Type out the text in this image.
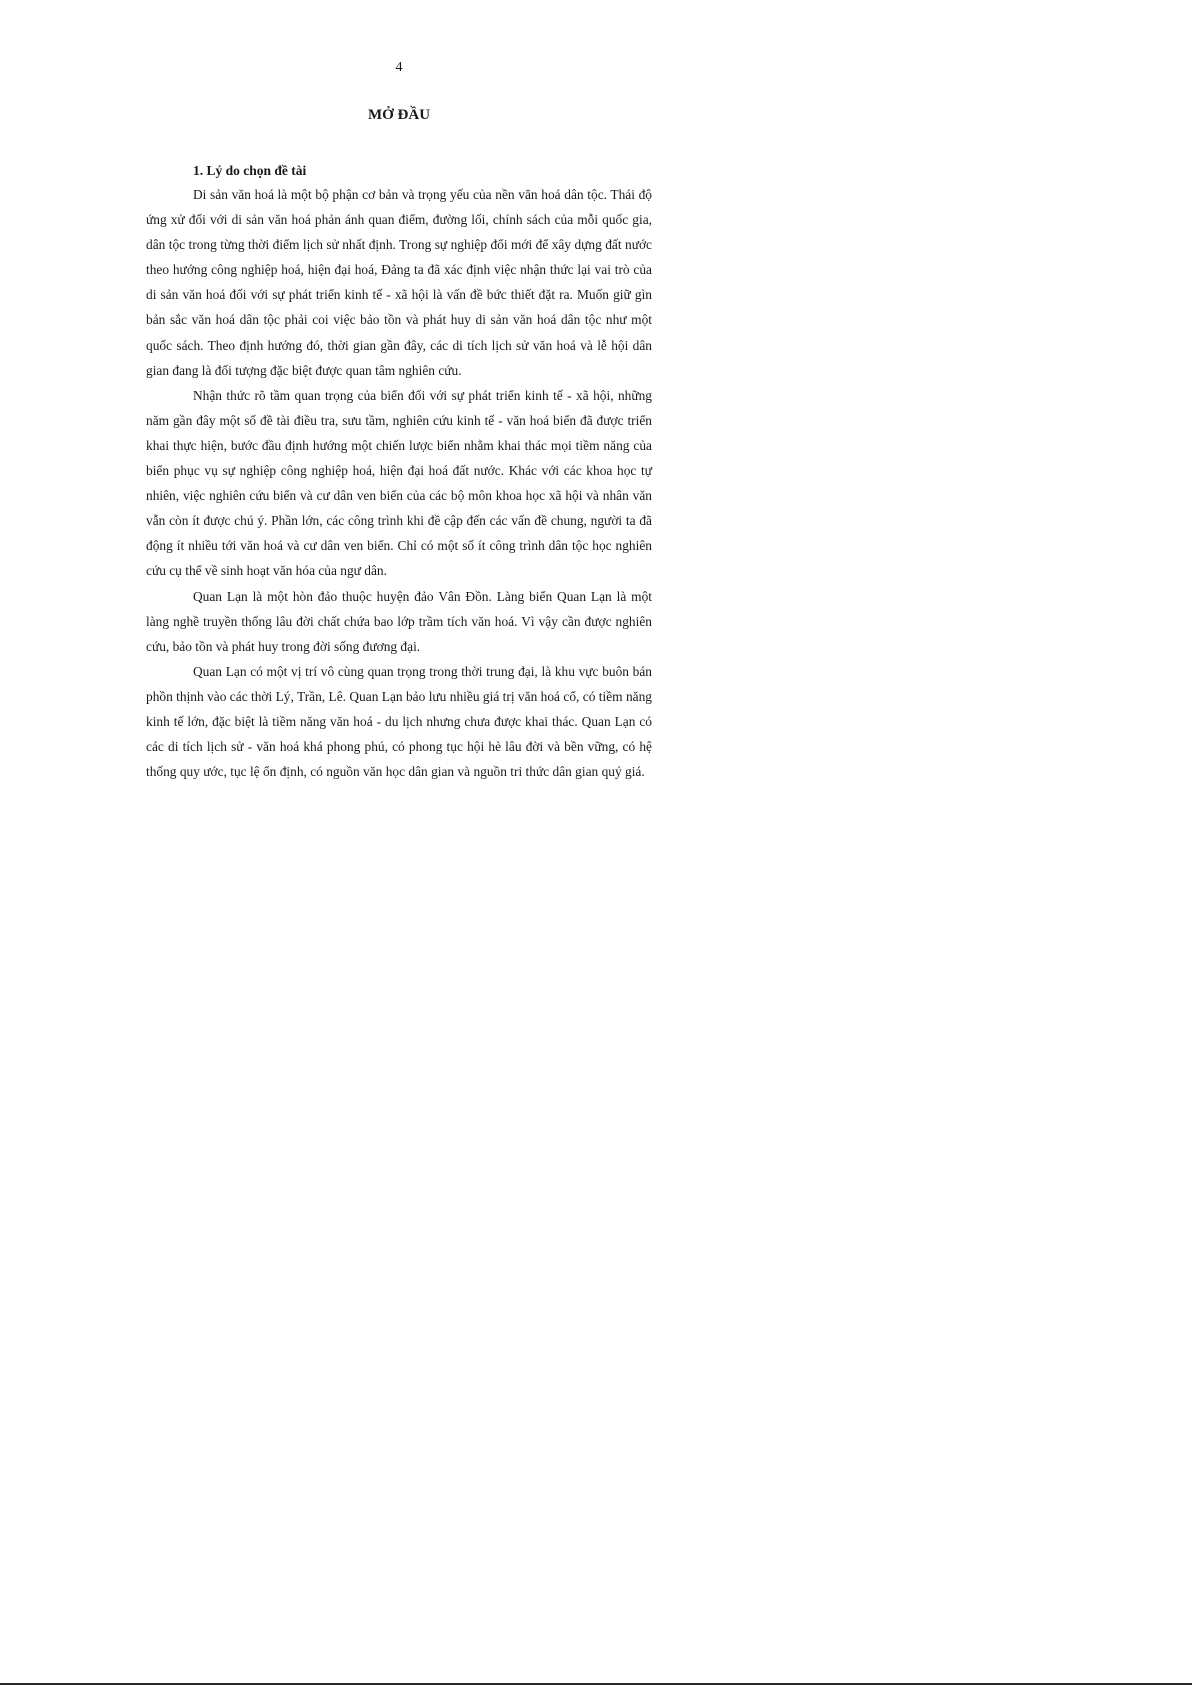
4
MỞ ĐẦU
1. Lý do chọn đề tài

Di sản văn hoá là một bộ phận cơ bản và trọng yếu của nền văn hoá dân tộc. Thái độ ứng xử đối với di sản văn hoá phản ánh quan điểm, đường lối, chính sách của mỗi quốc gia, dân tộc trong từng thời điểm lịch sử nhất định. Trong sự nghiệp đổi mới để xây dựng đất nước theo hướng công nghiệp hoá, hiện đại hoá, Đảng ta đã xác định việc nhận thức lại vai trò của di sản văn hoá đối với sự phát triển kinh tế - xã hội là vấn đề bức thiết đặt ra. Muốn giữ gìn bản sắc văn hoá dân tộc phải coi việc bảo tồn và phát huy di sản văn hoá dân tộc như một quốc sách. Theo định hướng đó, thời gian gần đây, các di tích lịch sử văn hoá và lễ hội dân gian đang là đối tượng đặc biệt được quan tâm nghiên cứu.

Nhận thức rõ tầm quan trọng của biển đối với sự phát triển kinh tế - xã hội, những năm gần đây một số đề tài điều tra, sưu tầm, nghiên cứu kinh tế - văn hoá biển đã được triển khai thực hiện, bước đầu định hướng một chiến lược biển nhằm khai thác mọi tiềm năng của biển phục vụ sự nghiệp công nghiệp hoá, hiện đại hoá đất nước. Khác với các khoa học tự nhiên, việc nghiên cứu biển và cư dân ven biển của các bộ môn khoa học xã hội và nhân văn vẫn còn ít được chú ý. Phần lớn, các công trình khi đề cập đến các vấn đề chung, người ta đã động ít nhiều tới văn hoá và cư dân ven biển. Chỉ có một số ít công trình dân tộc học nghiên cứu cụ thể về sinh hoạt văn hóa của ngư dân.

Quan Lạn là một hòn đảo thuộc huyện đảo Vân Đồn. Làng biển Quan Lạn là một làng nghề truyền thống lâu đời chất chứa bao lớp trầm tích văn hoá. Vì vậy cần được nghiên cứu, bảo tồn và phát huy trong đời sống đương đại.

Quan Lạn có một vị trí vô cùng quan trọng trong thời trung đại, là khu vực buôn bán phồn thịnh vào các thời Lý, Trần, Lê. Quan Lạn bảo lưu nhiều giá trị văn hoá cổ, có tiềm năng kinh tế lớn, đặc biệt là tiềm năng văn hoá - du lịch nhưng chưa được khai thác. Quan Lạn có các di tích lịch sử - văn hoá khá phong phú, có phong tục hội hè lâu đời và bền vững, có hệ thống quy ước, tục lệ ổn định, có nguồn văn học dân gian và nguồn tri thức dân gian quý giá.
